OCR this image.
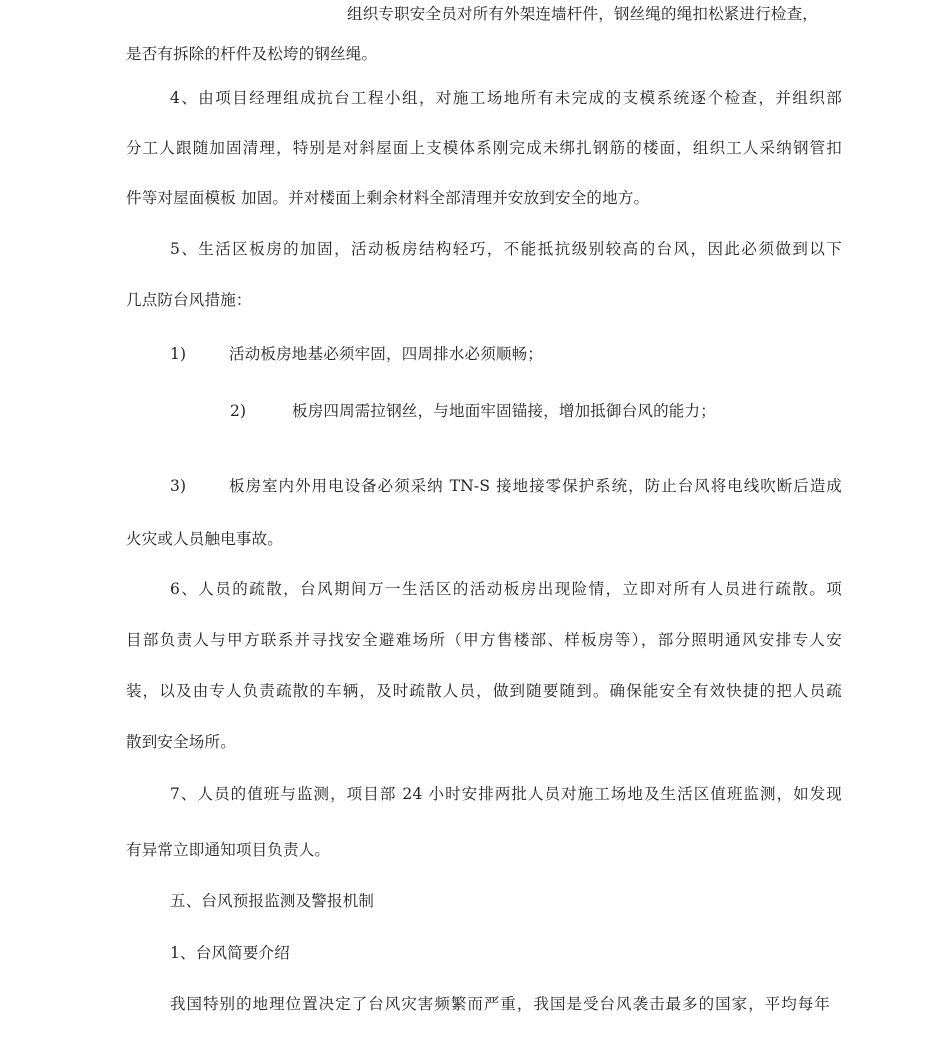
组织专职安全员对所有外架连墙杆件，钢丝绳的绳扣松紧进行检查，
是否有拆除的杆件及松垮的钢丝绳。
4、由项目经理组成抗台工程小组，对施工场地所有未完成的支模系统逐个检查，并组织部
分工人跟随加固清理，特别是对斜屋面上支模体系刚完成未绑扎钢筋的楼面，组织工人采纳钢管扣
件等对屋面模板 加固。并对楼面上剩余材料全部清理并安放到安全的地方。
5、生活区板房的加固，活动板房结构轻巧，不能抵抗级别较高的台风，因此必须做到以下
几点防台风措施：
1)	活动板房地基必须牢固，四周排水必须顺畅；
2)	板房四周需拉钢丝，与地面牢固锚接，增加抵御台风的能力；
3)	板房室内外用电设备必须采纳 TN-S 接地接零保护系统，防止台风将电线吹断后造成
火灾或人员触电事故。
6、人员的疏散，台风期间万一生活区的活动板房出现险情，立即对所有人员进行疏散。项
目部负责人与甲方联系并寻找安全避难场所（甲方售楼部、样板房等），部分照明通风安排专人安
装，以及由专人负责疏散的车辆，及时疏散人员，做到随要随到。确保能安全有效快捷的把人员疏
散到安全场所。
7、人员的值班与监测，项目部 24 小时安排两批人员对施工场地及生活区值班监测，如发现
有异常立即通知项目负责人。
五、台风预报监测及警报机制
1、台风简要介绍
我国特别的地理位置决定了台风灾害频繁而严重，我国是受台风袭击最多的国家，平均每年
